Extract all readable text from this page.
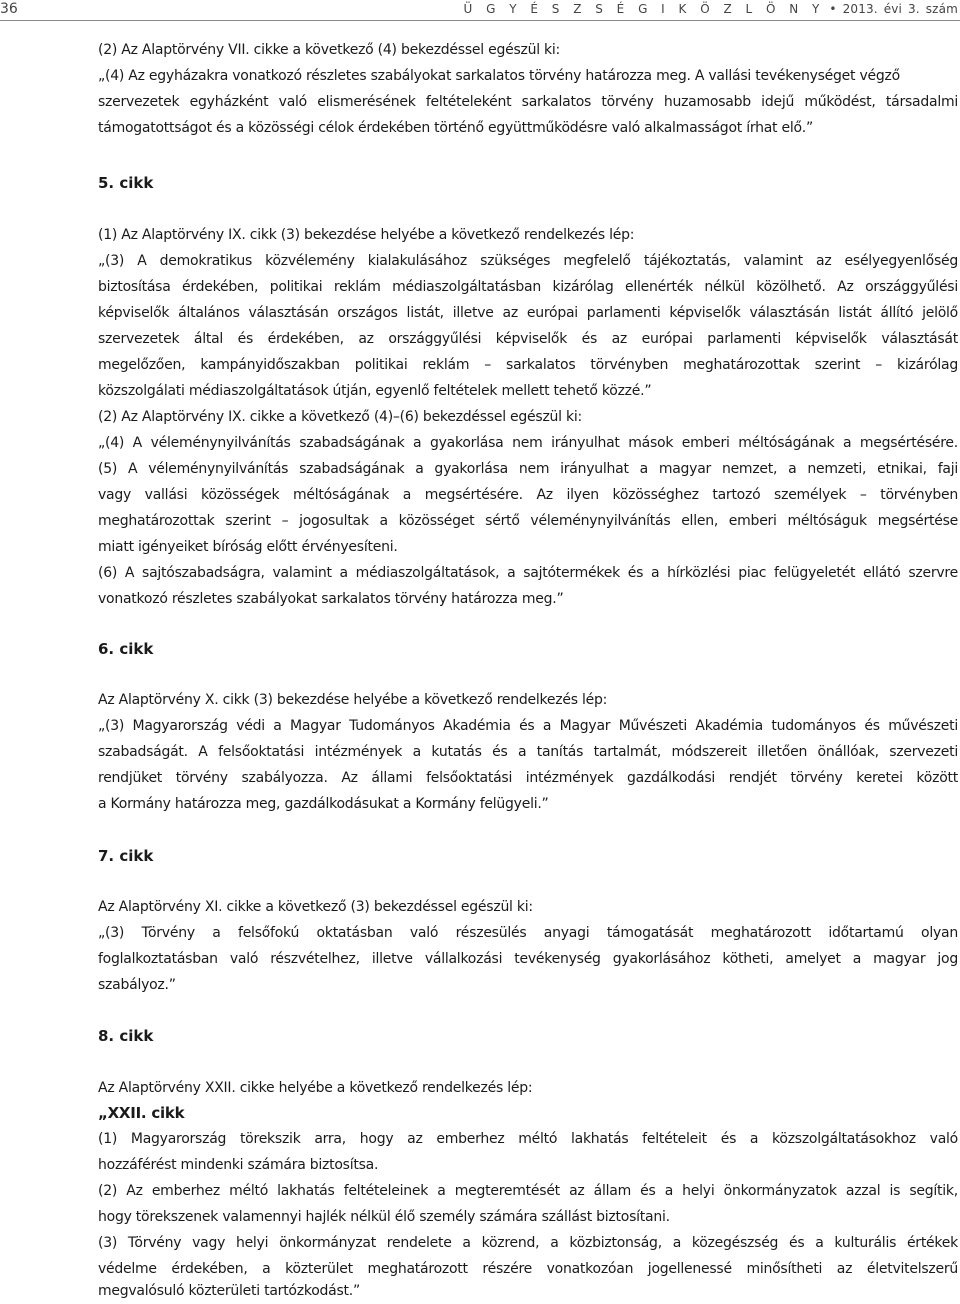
36	Ü G Y É S Z S É G I K Ö Z L Ö N Y • 2013. évi 3. szám
(2) Az Alaptörvény VII. cikke a következő (4) bekezdéssel egészül ki:
„(4) Az egyházakra vonatkozó részletes szabályokat sarkalatos törvény határozza meg. A vallási tevékenységet végző
szervezetek egyházként való elismerésének feltételeként sarkalatos törvény huzamosabb idejű működést, társadalmi
támogatottságot és a közösségi célok érdekében történő együttműködésre való alkalmasságot írhat elő.”
5. cikk
(1) Az Alaptörvény IX. cikk (3) bekezdése helyébe a következő rendelkezés lép:
„(3) A demokratikus közvélemény kialakulásához szükséges megfelelő tájékoztatás, valamint az esélyegyenlőség
biztosítása érdekében, politikai reklám médiaszolgáltatásban kizárólag ellenérték nélkül közölhető. Az országgyűlési
képviselők általános választásán országos listát, illetve az európai parlamenti képviselők választásán listát állító jelölő
szervezetek által és érdekében, az országgyűlési képviselők és az európai parlamenti képviselők választását
megelőzően, kampányidőszakban politikai reklám – sarkalatos törvényben meghatározottak szerint – kizárólag
közszolgálati médiaszolgáltatások útján, egyenlő feltételek mellett tehető közzé.”
(2) Az Alaptörvény IX. cikke a következő (4)–(6) bekezdéssel egészül ki:
„(4) A véleménynyilvánítás szabadságának a gyakorlása nem irányulhat mások emberi méltóságának a megsértésére.
(5) A véleménynyilvánítás szabadságának a gyakorlása nem irányulhat a magyar nemzet, a nemzeti, etnikai, faji
vagy vallási közösségek méltóságának a megsértésére. Az ilyen közösséghez tartozó személyek – törvényben
meghatározottak szerint – jogosultak a közösséget sértő véleménynyilvánítás ellen, emberi méltóságuk megsértése
miatt igényeiket bíróság előtt érvényesíteni.
(6) A sajtószabadságra, valamint a médiaszolgáltatások, a sajtótermékek és a hírközlési piac felügyeletét ellátó szervre
vonatkozó részletes szabályokat sarkalatos törvény határozza meg.”
6. cikk
Az Alaptörvény X. cikk (3) bekezdése helyébe a következő rendelkezés lép:
„(3) Magyarország védi a Magyar Tudományos Akadémia és a Magyar Művészeti Akadémia tudományos és művészeti
szabadságát. A felsőoktatási intézmények a kutatás és a tanítás tartalmát, módszereit illetően önállóak, szervezeti
rendjüket törvény szabályozza. Az állami felsőoktatási intézmények gazdálkodási rendjét törvény keretei között
a Kormány határozza meg, gazdálkodásukat a Kormány felügyeli.”
7. cikk
Az Alaptörvény XI. cikke a következő (3) bekezdéssel egészül ki:
„(3) Törvény a felsőfokú oktatásban való részesülés anyagi támogatását meghatározott időtartamú olyan
foglalkoztatásban való részvételhez, illetve vállalkozási tevékenység gyakorlásához kötheti, amelyet a magyar jog
szabályoz.”
8. cikk
Az Alaptörvény XXII. cikke helyébe a következő rendelkezés lép:
„XXII. cikk
(1) Magyarország törekszik arra, hogy az emberhez méltó lakhatás feltételeit és a közszolgáltatásokhoz való
hozzáférést mindenki számára biztosítsa.
(2) Az emberhez méltó lakhatás feltételeinek a megteremtését az állam és a helyi önkormányzatok azzal is segítik,
hogy törekszenek valamennyi hajlék nélkül élő személy számára szállást biztosítani.
(3) Törvény vagy helyi önkormányzat rendelete a közrend, a közbiztonság, a közegészség és a kulturális értékek
védelme érdekében, a közterület meghatározott részére vonatkozóan jogellenessé minősítheti az életvitelszerű
megvalósuló közterületi tartózkodást.”
